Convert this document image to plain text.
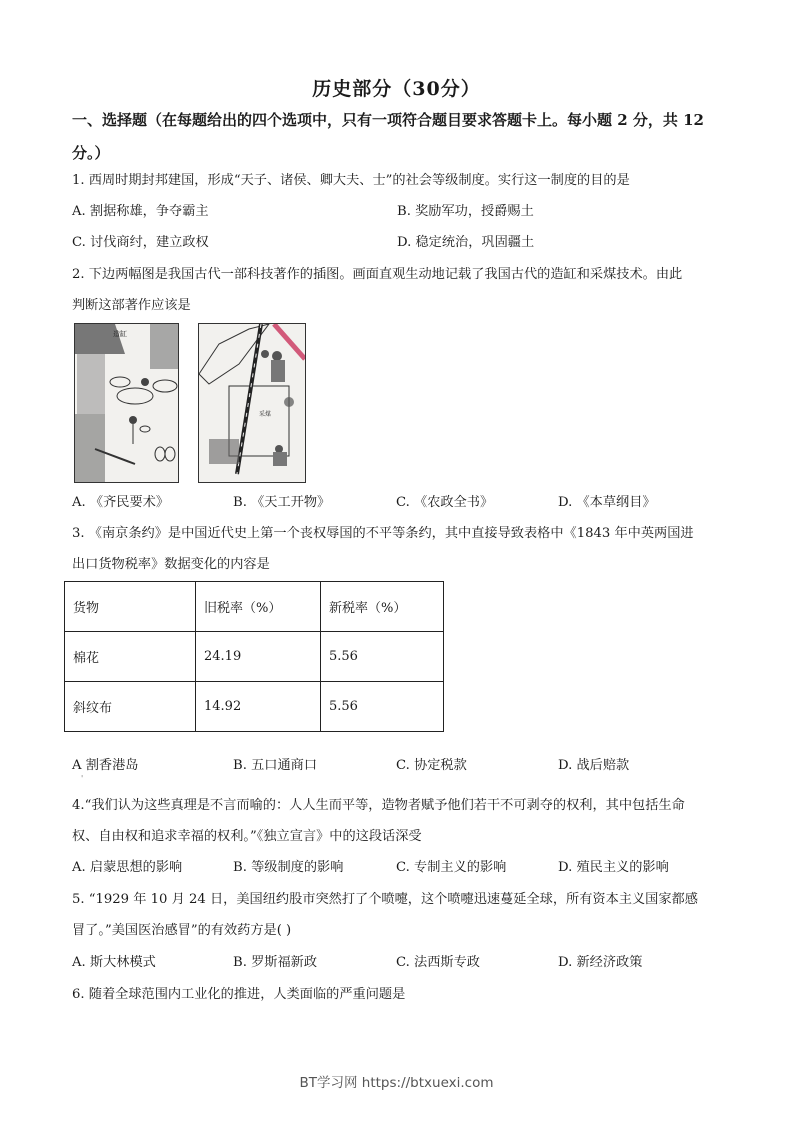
历史部分（30分）
一、选择题（在每题给出的四个选项中，只有一项符合题目要求答题卡上。每小题 2 分，共 12 分。）
1. 西周时期封邦建国，形成“天子、诸侯、卿大夫、士”的社会等级制度。实行这一制度的目的是
A. 割据称雄，争夺霸主	B. 奖励军功，授爵赐土
C. 讨伐商纣，建立政权	D. 稳定统治，巩固疆土
2. 下边两幅图是我国古代一部科技著作的插图。画面直观生动地记载了我国古代的造缸和采煤技术。由此
判断这部著作应该是
造缸
采煤
A. 《齐民要术》	B. 《天工开物》	C. 《农政全书》	D. 《本草纲目》
3. 《南京条约》是中国近代史上第一个丧权辱国的不平等条约，其中直接导致表格中《1843 年中英两国进
出口货物税率》数据变化的内容是
货物	旧税率（%）	新税率（%）
棉花	24.19	5.56
斜纹布	14.92	5.56
A 割香港岛
'
B. 五口通商口	C. 协定税款	D. 战后赔款
4.“我们认为这些真理是不言而喻的：人人生而平等，造物者赋予他们若干不可剥夺的权利，其中包括生命
权、自由权和追求幸福的权利。”《独立宣言》中的这段话深受
A. 启蒙思想的影响	B. 等级制度的影响	C. 专制主义的影响	D. 殖民主义的影响
5. “1929 年 10 月 24 日，美国纽约股市突然打了个喷嚏，这个喷嚏迅速蔓延全球，所有资本主义国家都感
冒了。”美国医治感冒”的有效药方是( )
A. 斯大林模式	B. 罗斯福新政	C. 法西斯专政	D. 新经济政策
6. 随着全球范围内工业化的推进，人类面临的严重问题是
BT学习网 https://btxuexi.com
